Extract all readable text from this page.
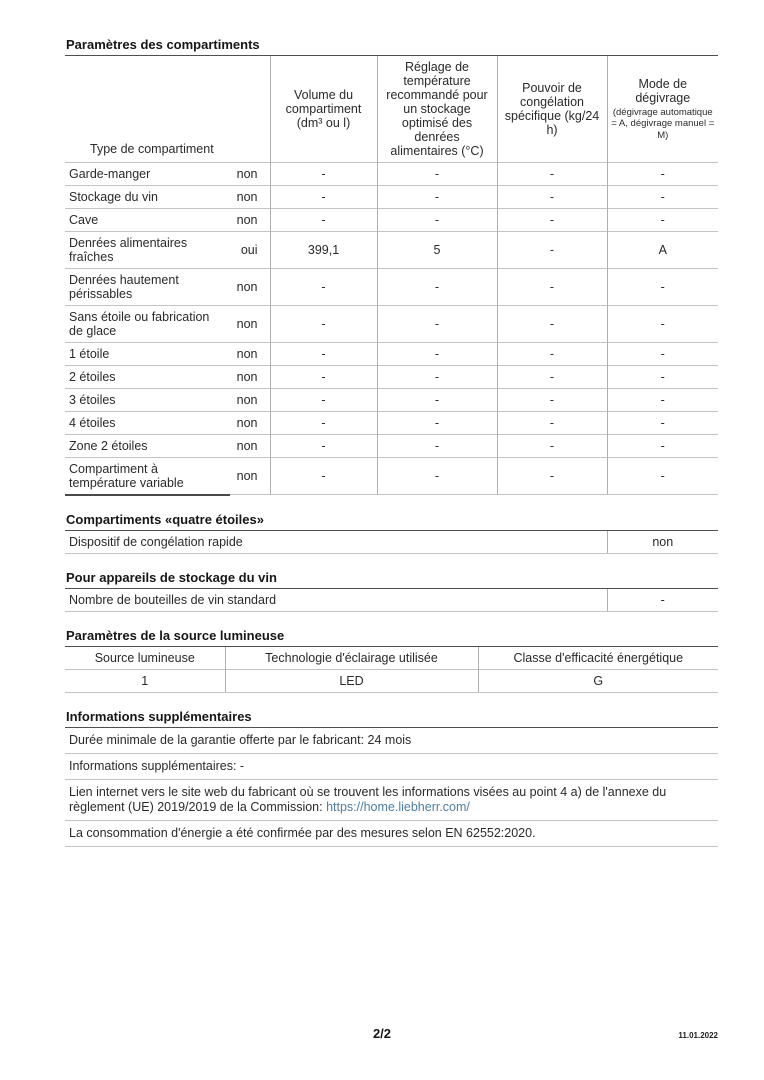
Paramètres des compartiments
Type de compartiment		Volume du compartiment (dm³ ou l)	Réglage de température recommandé pour un stockage optimisé des denrées alimentaires (°C)	Pouvoir de congélation spécifique (kg/24 h)	Mode de dégivrage
(dégivrage automatique = A, dégivrage manuel = M)

Garde-manger	non	-	-	-	-
Stockage du vin	non	-	-	-	-
Cave	non	-	-	-	-
Denrées alimentaires fraîches	oui	399,1	5	-	A
Denrées hautement périssables	non	-	-	-	-
Sans étoile ou fabrication de glace	non	-	-	-	-
1 étoile	non	-	-	-	-
2 étoiles	non	-	-	-	-
3 étoiles	non	-	-	-	-
4 étoiles	non	-	-	-	-
Zone 2 étoiles	non	-	-	-	-
Compartiment à température variable	non	-	-	-	-
Compartiments «quatre étoiles»
Dispositif de congélation rapide	non
Pour appareils de stockage du vin
Nombre de bouteilles de vin standard	-
Paramètres de la source lumineuse
Source lumineuse	Technologie d'éclairage utilisée	Classe d'efficacité énergétique
1	LED	G
Informations supplémentaires
Durée minimale de la garantie offerte par le fabricant: 24 mois
Informations supplémentaires: -
Lien internet vers le site web du fabricant où se trouvent les informations visées au point 4 a) de l'annexe du règlement (UE) 2019/2019 de la Commission: https://home.liebherr.com/
La consommation d'énergie a été confirmée par des mesures selon EN 62552:2020.
2/2	11.01.2022
